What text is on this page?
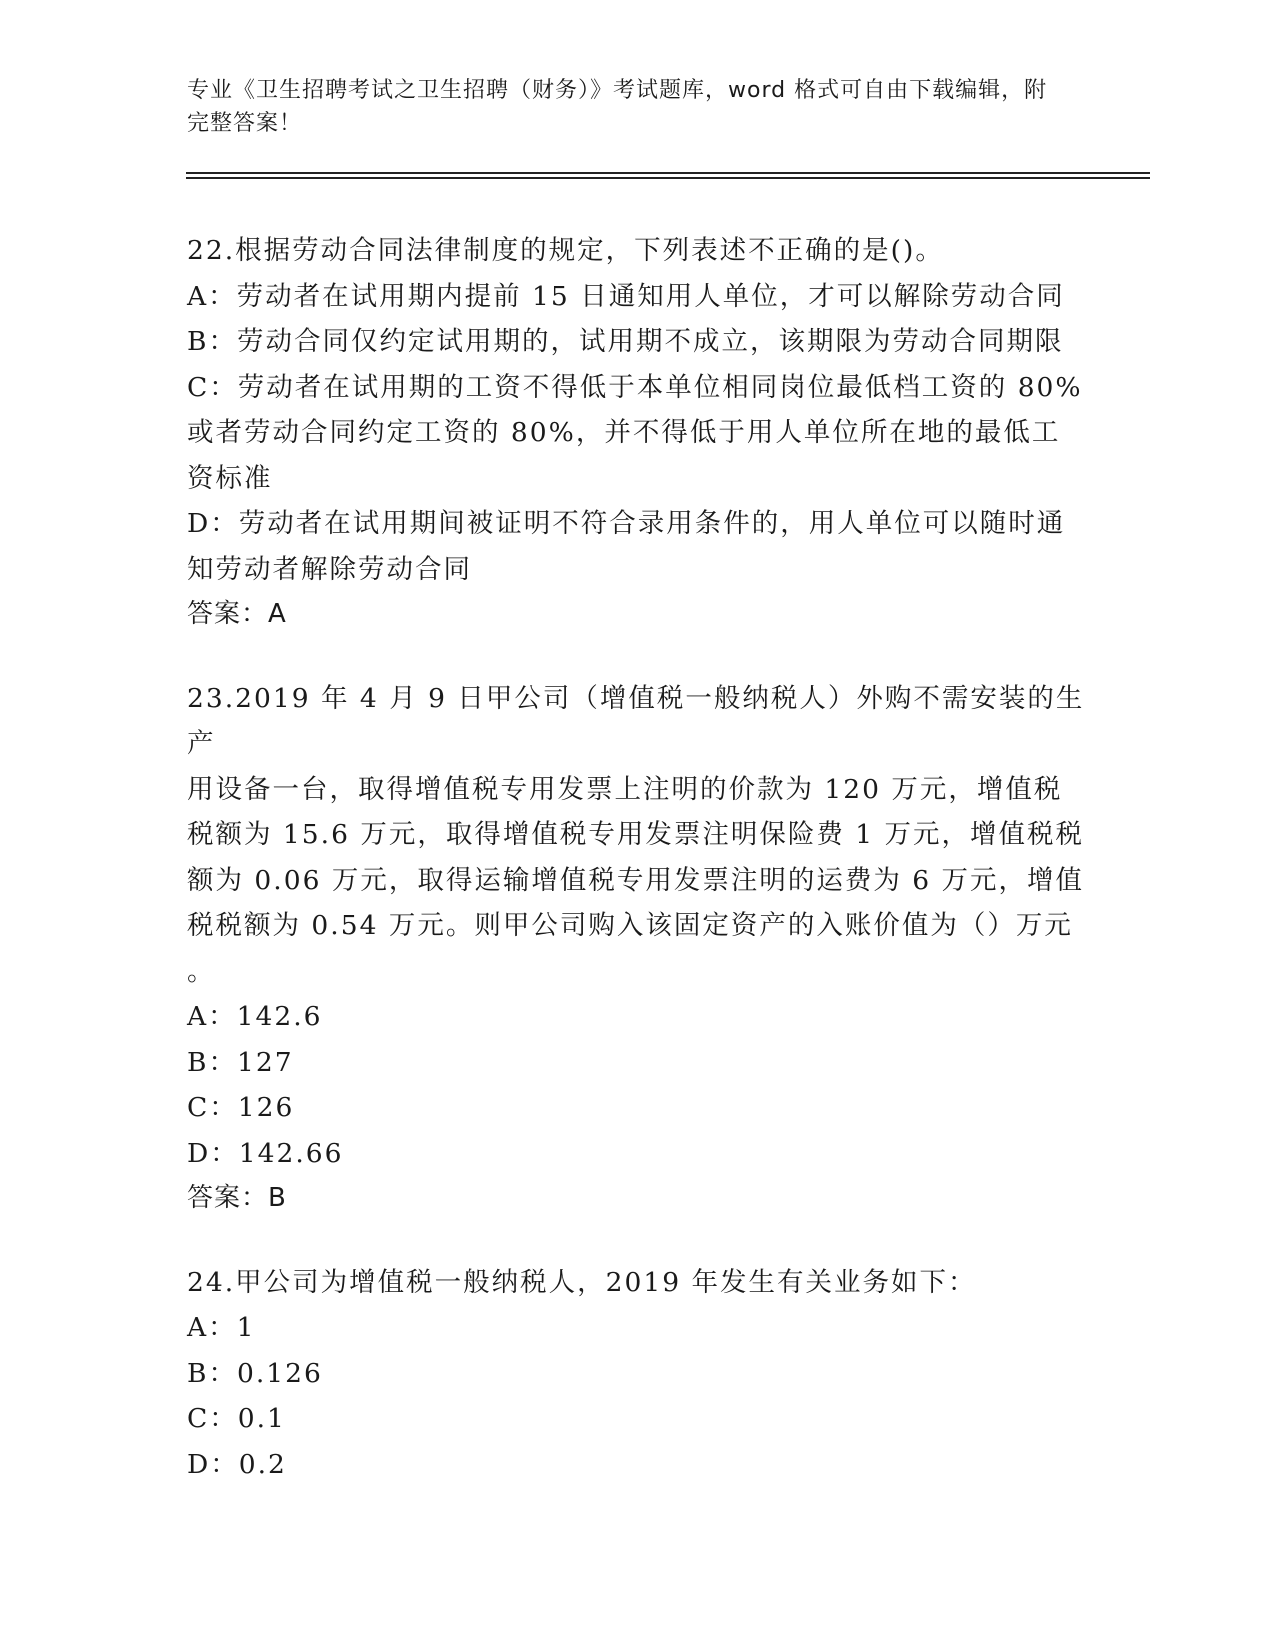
专业《卫生招聘考试之卫生招聘（财务）》考试题库，word 格式可自由下载编辑，附完整答案！
22.根据劳动合同法律制度的规定，下列表述不正确的是()。
A：劳动者在试用期内提前 15 日通知用人单位，才可以解除劳动合同
B：劳动合同仅约定试用期的，试用期不成立，该期限为劳动合同期限
C：劳动者在试用期的工资不得低于本单位相同岗位最低档工资的 80%
或者劳动合同约定工资的 80%，并不得低于用人单位所在地的最低工
资标准
D：劳动者在试用期间被证明不符合录用条件的，用人单位可以随时通
知劳动者解除劳动合同
答案：A
23.2019 年 4 月 9 日甲公司（增值税一般纳税人）外购不需安装的生产
用设备一台，取得增值税专用发票上注明的价款为 120 万元，增值税
税额为 15.6 万元，取得增值税专用发票注明保险费 1 万元，增值税税
额为 0.06 万元，取得运输增值税专用发票注明的运费为 6 万元，增值
税税额为 0.54 万元。则甲公司购入该固定资产的入账价值为（）万元
。
A：142.6
B：127
C：126
D：142.66
答案：B
24.甲公司为增值税一般纳税人，2019 年发生有关业务如下：
A：1
B：0.126
C：0.1
D：0.2
